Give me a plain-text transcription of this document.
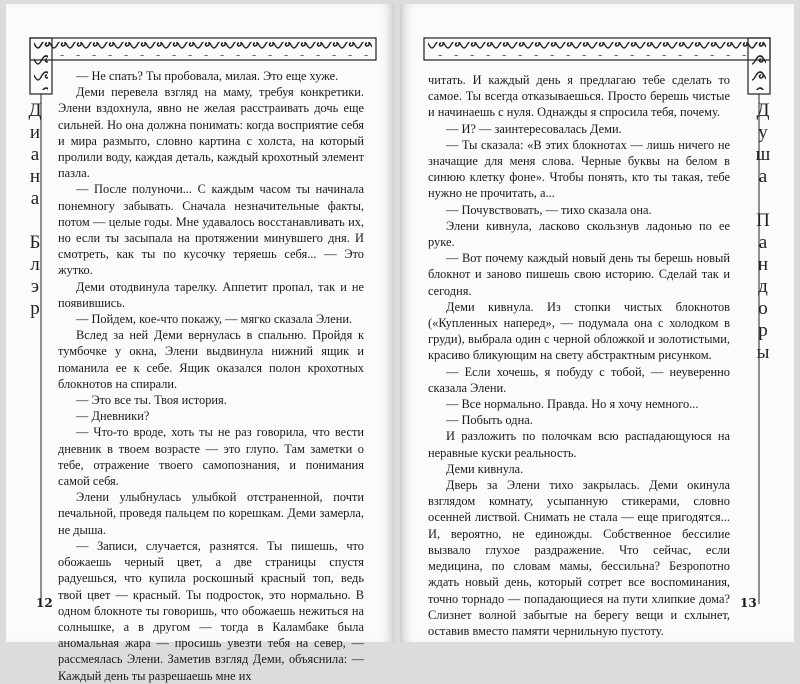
Д
и
а
н
а

Б
л
э
р

— Не спать? Ты пробовала, милая. Это еще хуже.

Деми перевела взгляд на маму, требуя конкретики. Элени вздохнула, явно не желая расстраивать дочь еще сильней. Но она должна понимать: когда восприятие себя и мира размыто, словно картина с холста, на который пролили воду, каждая деталь, каждый крохотный элемент пазла.

— После полуночи... С каждым часом ты начинала понемногу забывать. Сначала незначительные факты, потом — целые годы. Мне удавалось восстанавливать их, но если ты засыпала на протяжении минувшего дня. И смотреть, как ты по кусочку теряешь себя... — Это жутко.

Деми отодвинула тарелку. Аппетит пропал, так и не появившись.

— Пойдем, кое-что покажу, — мягко сказала Элени.

Вслед за ней Деми вернулась в спальню. Пройдя к тумбочке у окна, Элени выдвинула нижний ящик и поманила ее к себе. Ящик оказался полон крохотных блокнотов на спирали.

— Это все ты. Твоя история.

— Дневники?

— Что-то вроде, хоть ты не раз говорила, что вести дневник в твоем возрасте — это глупо. Там заметки о тебе, отражение твоего самопознания, и понимания самой себя.

Элени улыбнулась улыбкой отстраненной, почти печальной, проведя пальцем по корешкам. Деми замерла, не дыша.

— Записи, случается, разнятся. Ты пишешь, что обожаешь черный цвет, а две страницы спустя радуешься, что купила роскошный красный топ, ведь твой цвет — красный. Ты подросток, это нормально. В одном блокноте ты говоришь, что обожаешь нежиться на солнышке, а в другом — тогда в Каламбаке была аномальная жара — просишь увезти тебя на север, — рассмеялась Элени. Заметив взгляд Деми, объяснила: — Каждый день ты разрешаешь мне их

12
Д
у
ш
а

П
а
н
д
о
р
ы

читать. И каждый день я предлагаю тебе сделать то самое. Ты всегда отказываешься. Просто берешь чистые и начинаешь с нуля. Однажды я спросила тебя, почему.

— И? — заинтересовалась Деми.

— Ты сказала: «В этих блокнотах — лишь ничего не значащие для меня слова. Черные буквы на белом в синюю клетку фоне». Чтобы понять, кто ты такая, тебе нужно не прочитать, а...

— Почувствовать, — тихо сказала она.

Элени кивнула, ласково скользнув ладонью по ее руке.

— Вот почему каждый новый день ты берешь новый блокнот и заново пишешь свою историю. Сделай так и сегодня.

Деми кивнула. Из стопки чистых блокнотов («Купленных наперед», — подумала она с холодком в груди), выбрала один с черной обложкой и золотистыми, красиво бликующим на свету абстрактным рисунком.

— Если хочешь, я побуду с тобой, — неуверенно сказала Элени.

— Все нормально. Правда. Но я хочу немного...

— Побыть одна.

И разложить по полочкам всю распадающуюся на неравные куски реальность.

Деми кивнула.

Дверь за Элени тихо закрылась. Деми окинула взглядом комнату, усыпанную стикерами, словно осенней листвой. Снимать не стала — еще пригодятся... И, вероятно, не единожды. Собственное бессилие вызвало глухое раздражение. Что сейчас, если медицина, по словам мамы, бессильна? Безропотно ждать новый день, который сотрет все воспоминания, точно торнадо — попадающиеся на пути хлипкие дома? Слизнет волной забытые на берегу вещи и схлынет, оставив вместо памяти чернильную пустоту.

13
